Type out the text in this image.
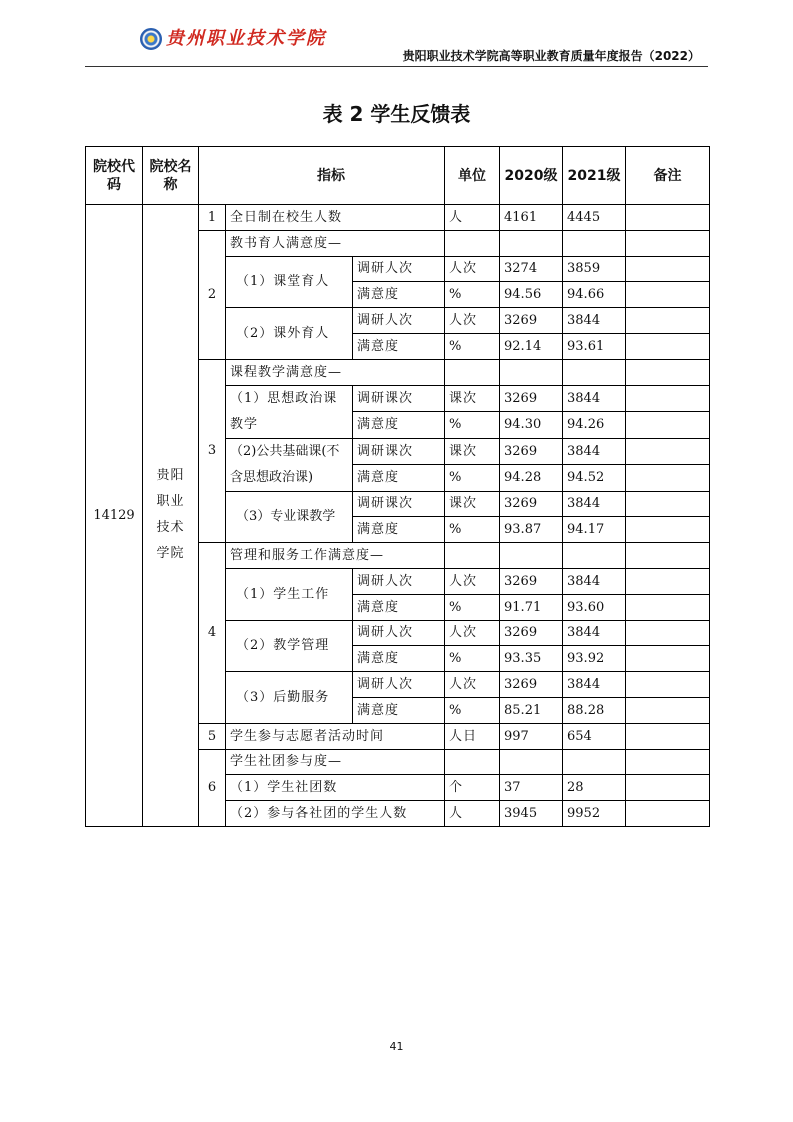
贵州职业技术学院
贵阳职业技术学院高等职业教育质量年度报告（2022）
表 2 学生反馈表
院校代码	院校名称	指标			单位	2020级	2021级	备注
14129	贵阳职业技术学院	1	全日制在校生人数		人	4161	4445	
		2	教书育人满意度—					
			（1）课堂育人	调研人次	人次	3274	3859	
				满意度	%	94.56	94.66	
			（2）课外育人	调研人次	人次	3269	3844	
				满意度	%	92.14	93.61	
		3	课程教学满意度—					
			（1）思想政治课教学	调研课次	课次	3269	3844	
				满意度	%	94.30	94.26	
			（2)公共基础课(不含思想政治课)	调研课次	课次	3269	3844	
				满意度	%	94.28	94.52	
			（3）专业课教学	调研课次	课次	3269	3844	
				满意度	%	93.87	94.17	
		4	管理和服务工作满意度—					
			（1）学生工作	调研人次	人次	3269	3844	
				满意度	%	91.71	93.60	
			（2）教学管理	调研人次	人次	3269	3844	
				满意度	%	93.35	93.92	
			（3）后勤服务	调研人次	人次	3269	3844	
				满意度	%	85.21	88.28	
		5	学生参与志愿者活动时间		人日	997	654	
		6	学生社团参与度—					
			（1）学生社团数		个	37	28	
			（2）参与各社团的学生人数		人	3945	9952	
41
